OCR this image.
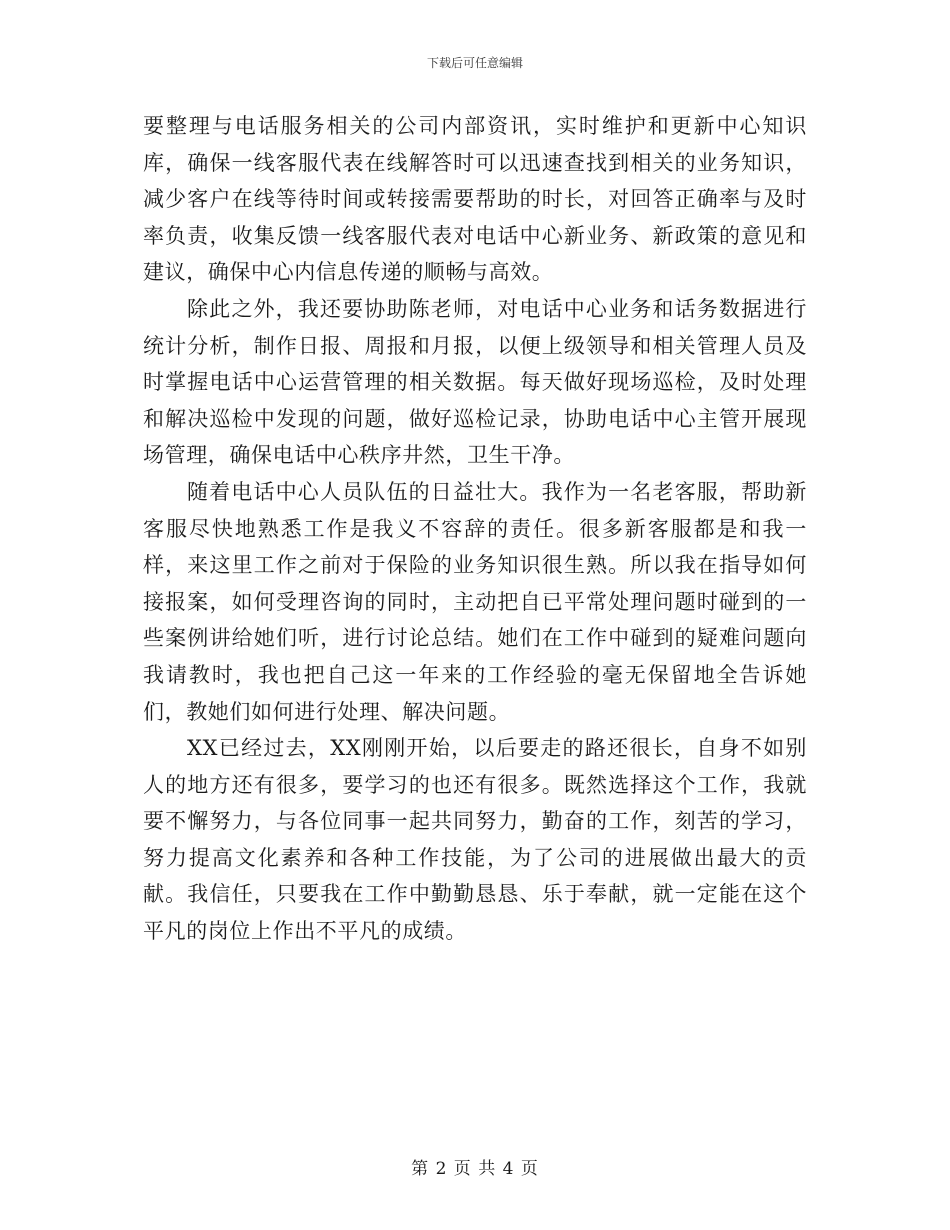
下载后可任意编辑

要整理与电话服务相关的公司内部资讯，实时维护和更新中心知识库，确保一线客服代表在线解答时可以迅速查找到相关的业务知识，减少客户在线等待时间或转接需要帮助的时长，对回答正确率与及时率负责，收集反馈一线客服代表对电话中心新业务、新政策的意见和建议，确保中心内信息传递的顺畅与高效。

除此之外，我还要协助陈老师，对电话中心业务和话务数据进行统计分析，制作日报、周报和月报，以便上级领导和相关管理人员及时掌握电话中心运营管理的相关数据。每天做好现场巡检，及时处理和解决巡检中发现的问题，做好巡检记录，协助电话中心主管开展现场管理，确保电话中心秩序井然，卫生干净。

随着电话中心人员队伍的日益壮大。我作为一名老客服，帮助新客服尽快地熟悉工作是我义不容辞的责任。很多新客服都是和我一样，来这里工作之前对于保险的业务知识很生熟。所以我在指导如何接报案，如何受理咨询的同时，主动把自已平常处理问题时碰到的一些案例讲给她们听，进行讨论总结。她们在工作中碰到的疑难问题向我请教时，我也把自己这一年来的工作经验的毫无保留地全告诉她们，教她们如何进行处理、解决问题。

XX已经过去，XX刚刚开始，以后要走的路还很长，自身不如别人的地方还有很多，要学习的也还有很多。既然选择这个工作，我就要不懈努力，与各位同事一起共同努力，勤奋的工作，刻苦的学习，努力提高文化素养和各种工作技能，为了公司的进展做出最大的贡献。我信任，只要我在工作中勤勤恳恳、乐于奉献，就一定能在这个平凡的岗位上作出不平凡的成绩。

第 2 页 共 4 页
